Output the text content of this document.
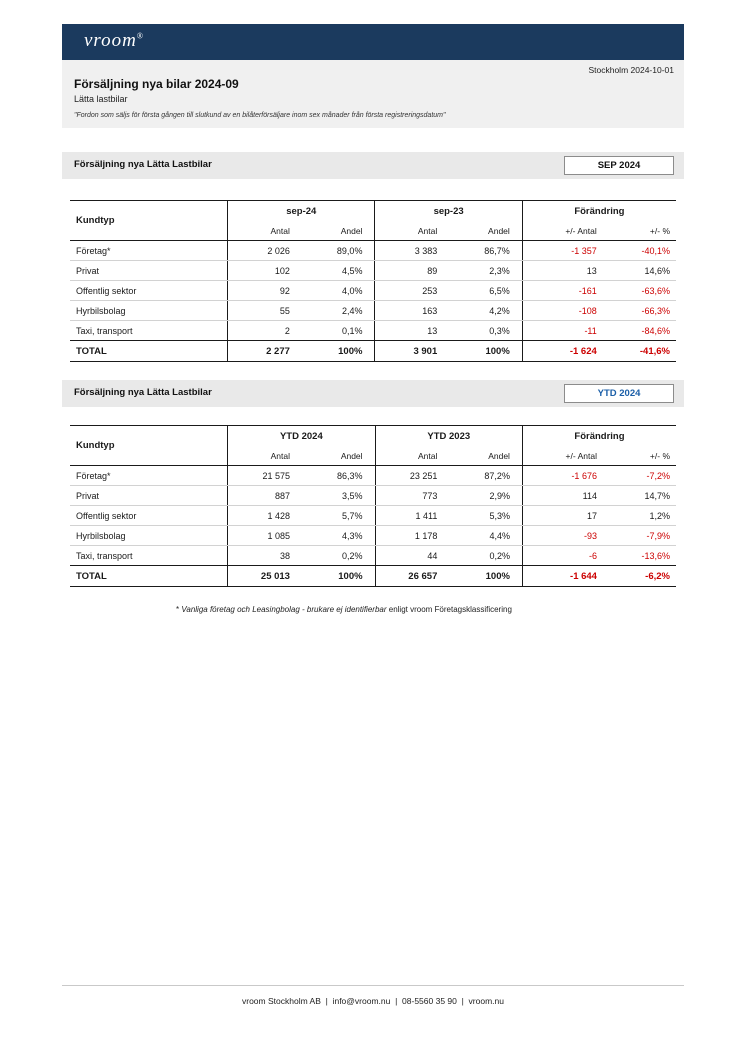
vroom®
Stockholm 2024-10-01
Försäljning nya bilar 2024-09
Lätta lastbilar
"Fordon som säljs för första gången till slutkund av en bilåterförsäljare inom sex månader från första registreringsdatum"
Försäljning nya Lätta Lastbilar	SEP 2024
Kundtyp	sep-24		sep-23		Förändring	
	Antal	Andel	Antal	Andel	+/- Antal	+/- %
Företag*	2 026	89,0%	3 383	86,7%	-1 357	-40,1%
Privat	102	4,5%	89	2,3%	13	14,6%
Offentlig sektor	92	4,0%	253	6,5%	-161	-63,6%
Hyrbilsbolag	55	2,4%	163	4,2%	-108	-66,3%
Taxi, transport	2	0,1%	13	0,3%	-11	-84,6%
TOTAL	2 277	100%	3 901	100%	-1 624	-41,6%
Försäljning nya Lätta Lastbilar	YTD 2024
Kundtyp	YTD 2024		YTD 2023		Förändring	
	Antal	Andel	Antal	Andel	+/- Antal	+/- %
Företag*	21 575	86,3%	23 251	87,2%	-1 676	-7,2%
Privat	887	3,5%	773	2,9%	114	14,7%
Offentlig sektor	1 428	5,7%	1 411	5,3%	17	1,2%
Hyrbilsbolag	1 085	4,3%	1 178	4,4%	-93	-7,9%
Taxi, transport	38	0,2%	44	0,2%	-6	-13,6%
TOTAL	25 013	100%	26 657	100%	-1 644	-6,2%
* Vanliga företag och Leasingbolag - brukare ej identifierbar enligt vroom Företagsklassificering
vroom Stockholm AB | info@vroom.nu | 08-5560 35 90 | vroom.nu
